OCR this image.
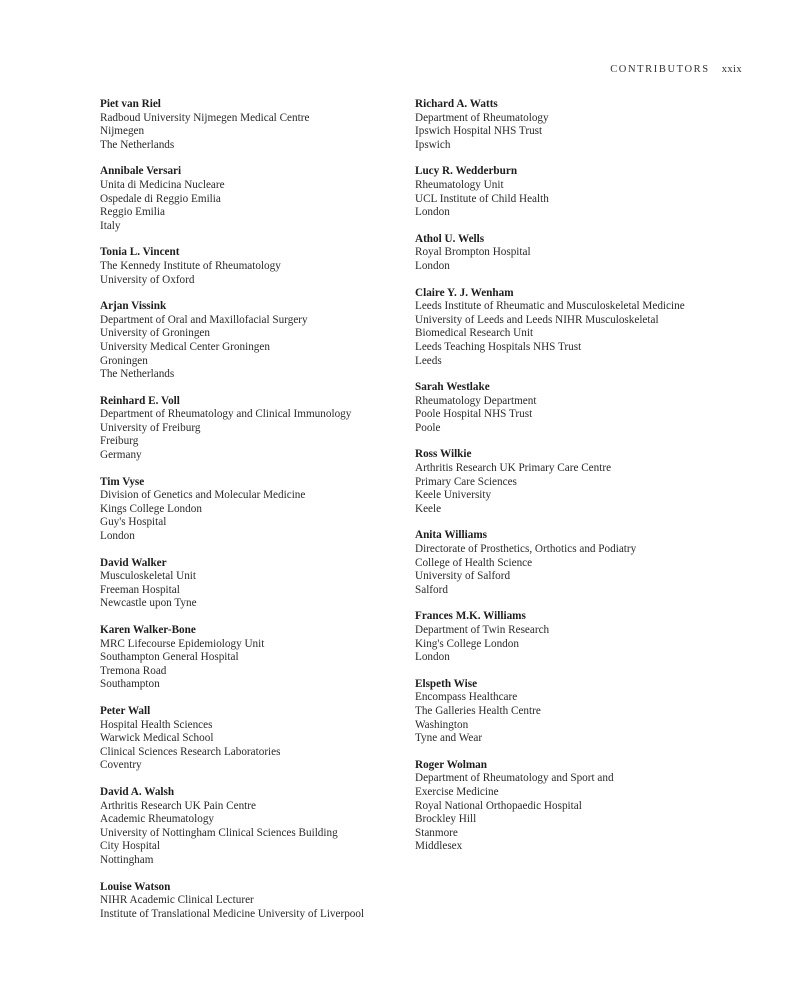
CONTRIBUTORS xxix
Piet van Riel
Radboud University Nijmegen Medical Centre
Nijmegen
The Netherlands
Annibale Versari
Unita di Medicina Nucleare
Ospedale di Reggio Emilia
Reggio Emilia
Italy
Tonia L. Vincent
The Kennedy Institute of Rheumatology
University of Oxford
Arjan Vissink
Department of Oral and Maxillofacial Surgery
University of Groningen
University Medical Center Groningen
Groningen
The Netherlands
Reinhard E. Voll
Department of Rheumatology and Clinical Immunology
University of Freiburg
Freiburg
Germany
Tim Vyse
Division of Genetics and Molecular Medicine
Kings College London
Guy's Hospital
London
David Walker
Musculoskeletal Unit
Freeman Hospital
Newcastle upon Tyne
Karen Walker-Bone
MRC Lifecourse Epidemiology Unit
Southampton General Hospital
Tremona Road
Southampton
Peter Wall
Hospital Health Sciences
Warwick Medical School
Clinical Sciences Research Laboratories
Coventry
David A. Walsh
Arthritis Research UK Pain Centre
Academic Rheumatology
University of Nottingham Clinical Sciences Building
City Hospital
Nottingham
Louise Watson
NIHR Academic Clinical Lecturer
Institute of Translational Medicine University of Liverpool
Richard A. Watts
Department of Rheumatology
Ipswich Hospital NHS Trust
Ipswich
Lucy R. Wedderburn
Rheumatology Unit
UCL Institute of Child Health
London
Athol U. Wells
Royal Brompton Hospital
London
Claire Y. J. Wenham
Leeds Institute of Rheumatic and Musculoskeletal Medicine
University of Leeds and Leeds NIHR Musculoskeletal
Biomedical Research Unit
Leeds Teaching Hospitals NHS Trust
Leeds
Sarah Westlake
Rheumatology Department
Poole Hospital NHS Trust
Poole
Ross Wilkie
Arthritis Research UK Primary Care Centre
Primary Care Sciences
Keele University
Keele
Anita Williams
Directorate of Prosthetics, Orthotics and Podiatry
College of Health Science
University of Salford
Salford
Frances M.K. Williams
Department of Twin Research
King's College London
London
Elspeth Wise
Encompass Healthcare
The Galleries Health Centre
Washington
Tyne and Wear
Roger Wolman
Department of Rheumatology and Sport and
Exercise Medicine
Royal National Orthopaedic Hospital
Brockley Hill
Stanmore
Middlesex
